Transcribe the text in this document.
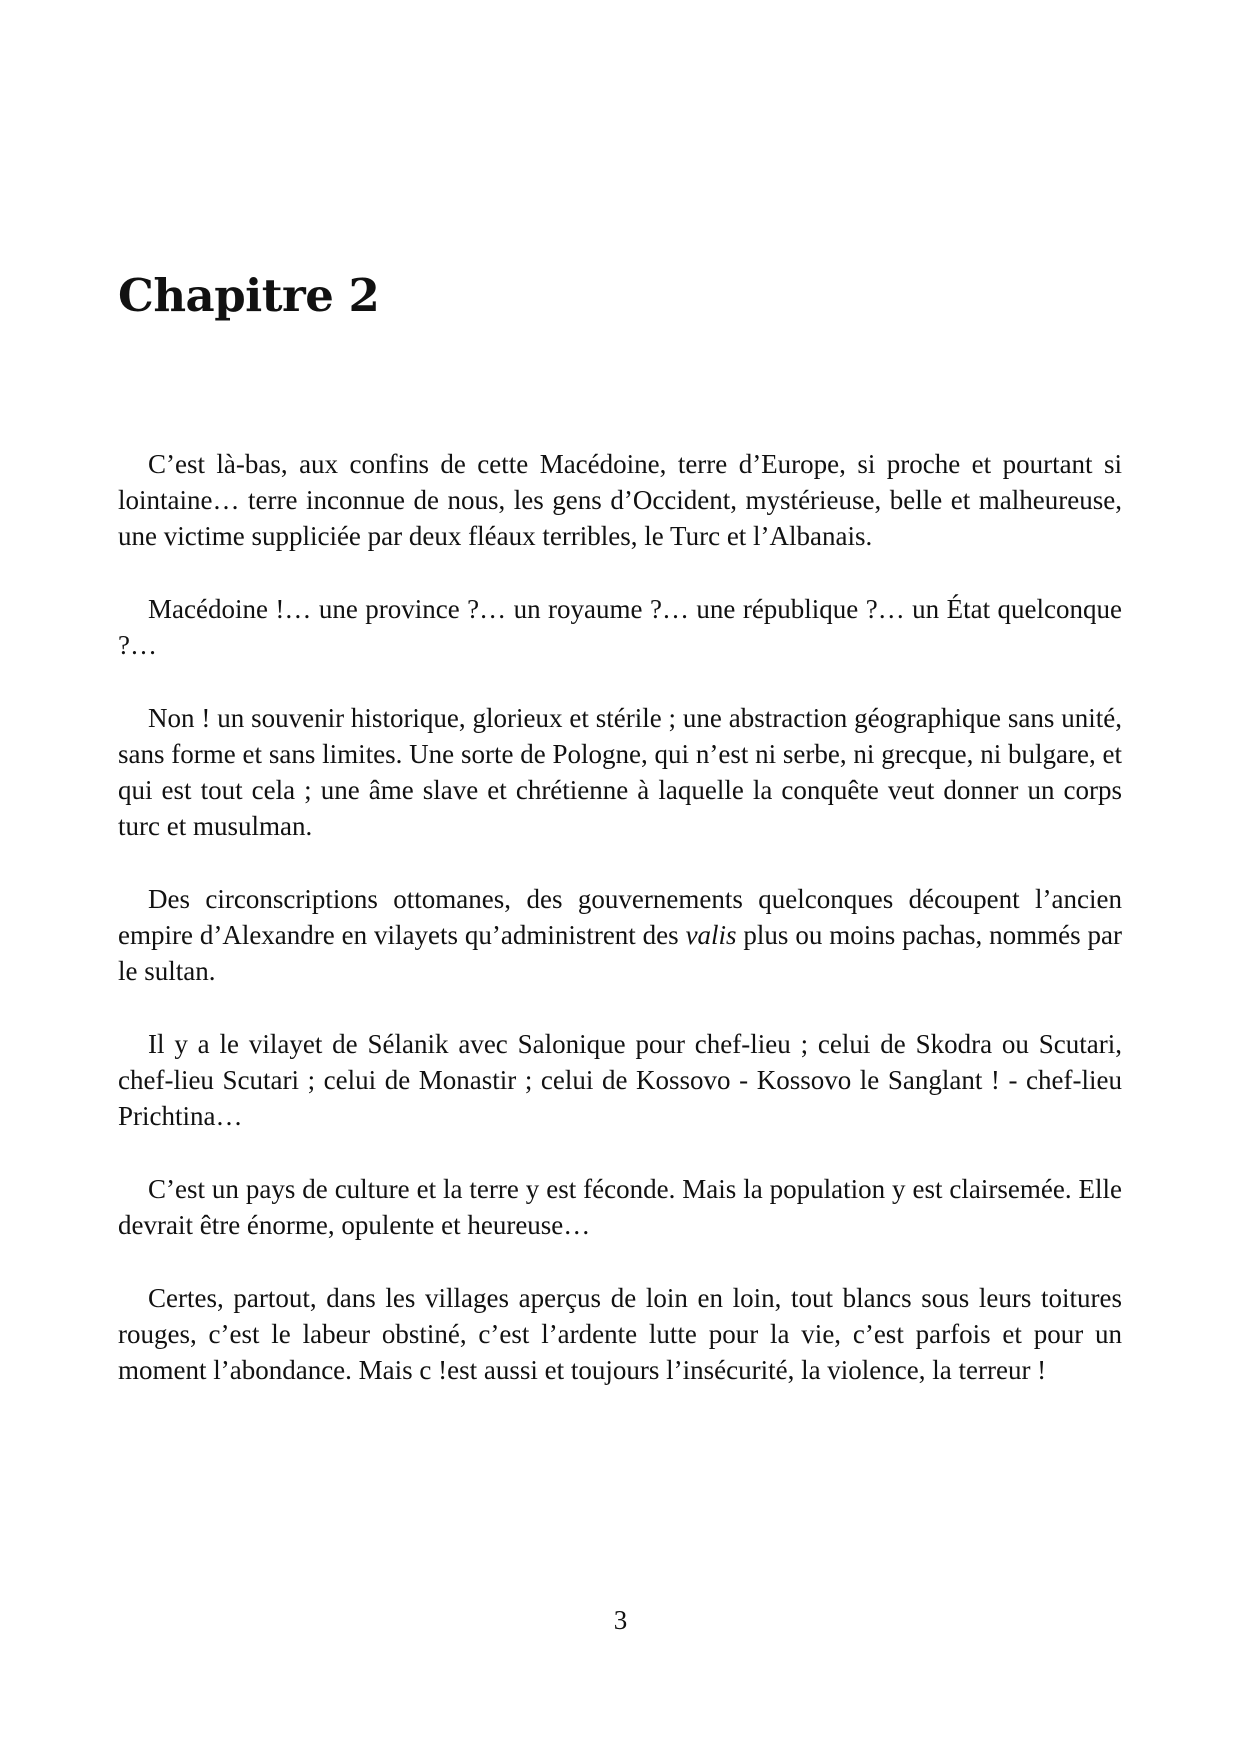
Chapitre 2

C’est là-bas, aux confins de cette Macédoine, terre d’Europe, si proche et pourtant si lointaine… terre inconnue de nous, les gens d’Occident, mystérieuse, belle et malheureuse, une victime suppliciée par deux fléaux terribles, le Turc et l’Albanais.

Macédoine !… une province ?… un royaume ?… une république ?… un État quelconque ?…

Non ! un souvenir historique, glorieux et stérile ; une abstraction géographique sans unité, sans forme et sans limites. Une sorte de Pologne, qui n’est ni serbe, ni grecque, ni bulgare, et qui est tout cela ; une âme slave et chrétienne à laquelle la conquête veut donner un corps turc et musulman.

Des circonscriptions ottomanes, des gouvernements quelconques découpent l’ancien empire d’Alexandre en vilayets qu’administrent des valis plus ou moins pachas, nommés par le sultan.

Il y a le vilayet de Sélanik avec Salonique pour chef-lieu ; celui de Skodra ou Scutari, chef-lieu Scutari ; celui de Monastir ; celui de Kossovo - Kossovo le Sanglant ! - chef-lieu Prichtina…

C’est un pays de culture et la terre y est féconde. Mais la population y est clairsemée. Elle devrait être énorme, opulente et heureuse…

Certes, partout, dans les villages aperçus de loin en loin, tout blancs sous leurs toitures rouges, c’est le labeur obstiné, c’est l’ardente lutte pour la vie, c’est parfois et pour un moment l’abondance. Mais c !est aussi et toujours l’insécurité, la violence, la terreur !

3
